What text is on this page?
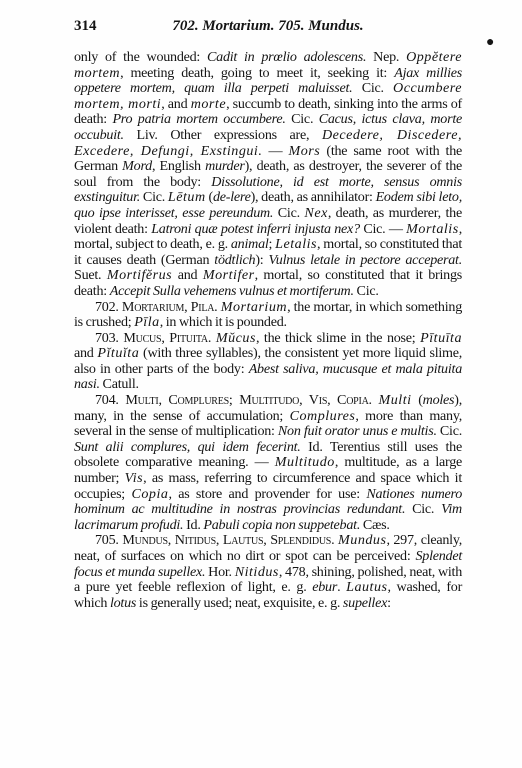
314	702. Mortarium. 705. Mundus.
●

only of the wounded: Cadit in prœlio adolescens. Nep. Oppĕtere mortem, meeting death, going to meet it, seeking it: Ajax millies oppetere mortem, quam illa perpeti maluisset. Cic. Occumbere mortem, morti, and morte, succumb to death, sinking into the arms of death: Pro patria mortem occumbere. Cic. Cacus, ictus clava, morte occubuit. Liv. Other expressions are, Decedere, Discedere, Excedere, Defungi, Exstingui. — Mors (the same root with the German Mord, English murder), death, as destroyer, the severer of the soul from the body: Dissolutione, id est morte, sensus omnis exstinguitur. Cic. Lētum (de-lere), death, as annihilator: Eodem sibi leto, quo ipse interisset, esse pereundum. Cic. Nex, death, as murderer, the violent death: Latroni quæ potest inferri injusta nex? Cic. — Mortalis, mortal, subject to death, e. g. animal; Letalis, mortal, so constituted that it causes death (German tödtlich): Vulnus letale in pectore acceperat. Suet. Mortifĕrus and Mortifer, mortal, so constituted that it brings death: Accepit Sulla vehemens vulnus et mortiferum. Cic.

702. Mortarium, Pila. Mortarium, the mortar, in which something is crushed; Pīla, in which it is pounded.

703. Mucus, Pituita. Mŭcus, the thick slime in the nose; Pītuīta and Pĭtuĭta (with three syllables), the consistent yet more liquid slime, also in other parts of the body: Abest saliva, mucusque et mala pituita nasi. Catull.

704. Multi, Complures; Multitudo, Vis, Copia. Multi (moles), many, in the sense of accumulation; Complures, more than many, several in the sense of multiplication: Non fuit orator unus e multis. Cic. Sunt alii complures, qui idem fecerint. Id. Terentius still uses the obsolete comparative meaning. — Multitudo, multitude, as a large number; Vis, as mass, referring to circumference and space which it occupies; Copia, as store and provender for use: Nationes numero hominum ac multitudine in nostras provincias redundant. Cic. Vim lacrimarum profudi. Id. Pabuli copia non suppetebat. Cæs.

705. Mundus, Nitidus, Lautus, Splendidus. Mundus, 297, cleanly, neat, of surfaces on which no dirt or spot can be perceived: Splendet focus et munda supellex. Hor. Nitidus, 478, shining, polished, neat, with a pure yet feeble reflexion of light, e. g. ebur. Lautus, washed, for which lotus is generally used; neat, exquisite, e. g. supellex:
